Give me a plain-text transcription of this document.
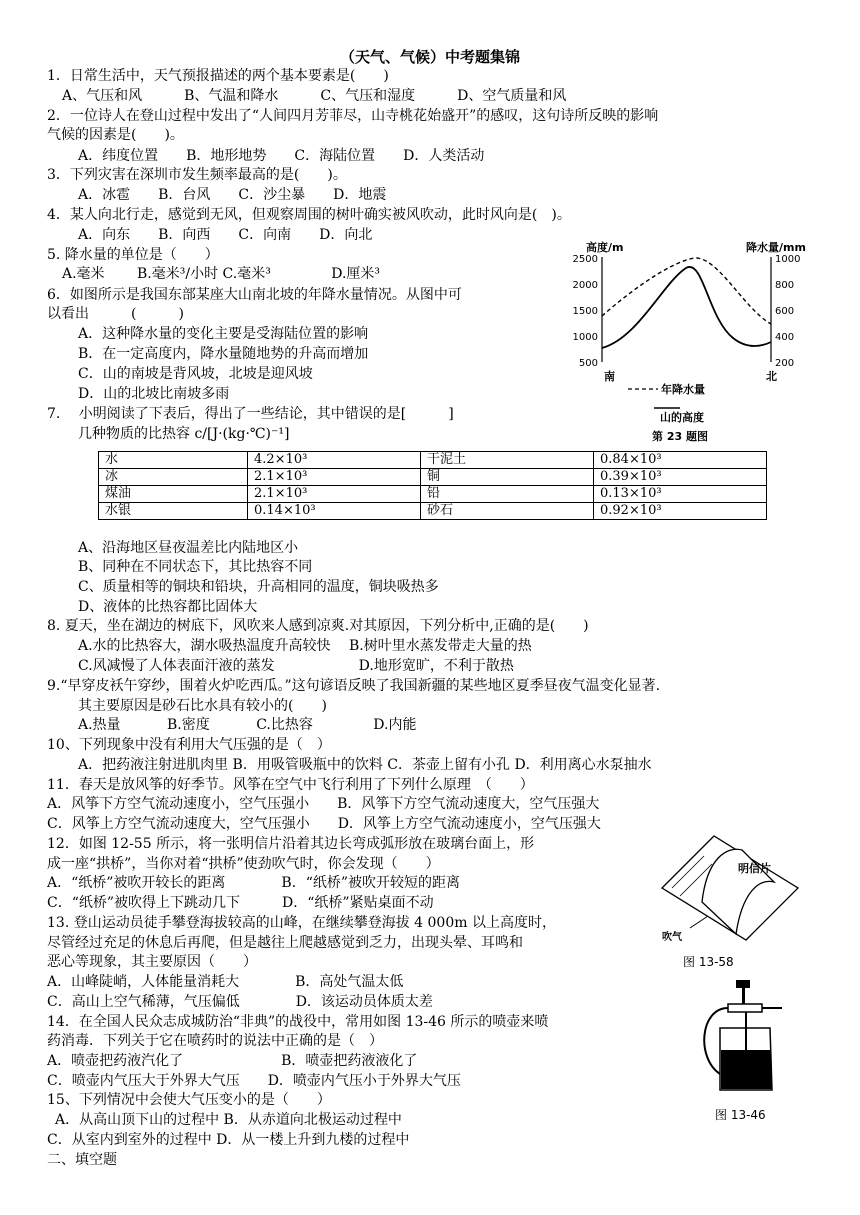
（天气、气候）中考题集锦
1．日常生活中，天气预报描述的两个基本要素是(　　)
A、气压和风　　　B、气温和降水　　　C、气压和湿度　　　D、空气质量和风
2．一位诗人在登山过程中发出了“人间四月芳菲尽，山寺桃花始盛开”的感叹，这句诗所反映的影响
气候的因素是(　　)。
A．纬度位置　　B．地形地势　　C．海陆位置　　D．人类活动
3．下列灾害在深圳市发生频率最高的是(　　)。
A．冰雹　　B．台风　　C．沙尘暴　　D．地震
4．某人向北行走，感觉到无风，但观察周围的树叶确实被风吹动，此时风向是(　)。
A．向东　　B．向西　　C．向南　　D．向北
5. 降水量的单位是（　　）
A.毫米　　 B.毫米³/小时 C.毫米³　　　　 D.厘米³
6．如图所示是我国东部某座大山南北坡的年降水量情况。从图中可
以看出　　　(　　　)
A．这种降水量的变化主要是受海陆位置的影响
B．在一定高度内，降水量随地势的升高而增加
C．山的南坡是背风坡，北坡是迎风坡
D．山的北坡比南坡多雨
7.　 小明阅读了下表后，得出了一些结论，其中错误的是[　　　]
几种物质的比热容 c/[J·(kg·℃)⁻¹]
水	4.2×10³	干泥土	0.84×10³
冰	2.1×10³	铜	0.39×10³
煤油	2.1×10³	铅	0.13×10³
水银	0.14×10³	砂石	0.92×10³
A、沿海地区昼夜温差比内陆地区小
B、同种在不同状态下，其比热容不同
C、质量相等的铜块和铅块，升高相同的温度，铜块吸热多
D、液体的比热容都比固体大
8. 夏天，坐在湖边的树底下，风吹来人感到凉爽.对其原因，下列分析中,正确的是(　　)
A.水的比热容大，湖水吸热温度升高较快　 B.树叶里水蒸发带走大量的热
C.风减慢了人体表面汗液的蒸发　　　　　　D.地形宽旷，不利于散热
9.“早穿皮袄午穿纱，围着火炉吃西瓜。”这句谚语反映了我国新疆的某些地区夏季昼夜气温变化显著.
其主要原因是砂石比水具有较小的(　　)
A.热量　　　 B.密度　　　 C.比热容　　　　 D.内能
10、下列现象中没有利用大气压强的是（　）
A．把药液注射进肌肉里 B．用吸管吸瓶中的饮料 C．茶壶上留有小孔 D．利用离心水泵抽水
11．春天是放风筝的好季节。风筝在空气中飞行利用了下列什么原理　（　　）
A．风筝下方空气流动速度小，空气压强小　　B．风筝下方空气流动速度大，空气压强大
C．风筝上方空气流动速度大，空气压强小　　D．风筝上方空气流动速度小，空气压强大
12．如图 12-55 所示，将一张明信片沿着其边长弯成弧形放在玻璃台面上，形
成一座“拱桥”，当你对着“拱桥”使劲吹气时，你会发现（　　）
A．“纸桥”被吹开较长的距离　　　　B．“纸桥”被吹开较短的距离
C．“纸桥”被吹得上下跳动几下　　　D．“纸桥”紧贴桌面不动
13. 登山运动员徒手攀登海拔较高的山峰，在继续攀登海拔 4 000m 以上高度时，
尽管经过充足的休息后再爬，但是越往上爬越感觉到乏力，出现头晕、耳鸣和
恶心等现象，其主要原因（　　）
A．山峰陡峭，人体能量消耗大　　　　B．高处气温太低
C．高山上空气稀薄，气压偏低　　　　D．该运动员体质太差
14．在全国人民众志成城防治“非典”的战役中，常用如图 13-46 所示的喷壶来喷
药消毒．下列关于它在喷药时的说法中正确的是（　）
A．喷壶把药液汽化了　　　　　　　B．喷壶把药液液化了
C．喷壶内气压大于外界大气压　　D．喷壶内气压小于外界大气压
15、下列情况中会使大气压变小的是（　　）
A．从高山顶下山的过程中 B．从赤道向北极运动过程中
C．从室内到室外的过程中 D．从一楼上升到九楼的过程中
二、填空题
高度/m	降水量/mm
2500
2000
1500
1000
500
1000
800
600
400
200
南	北
年降水量
山的高度
第 23 题图
明信片
吹气
图 13-58
图 13-46
